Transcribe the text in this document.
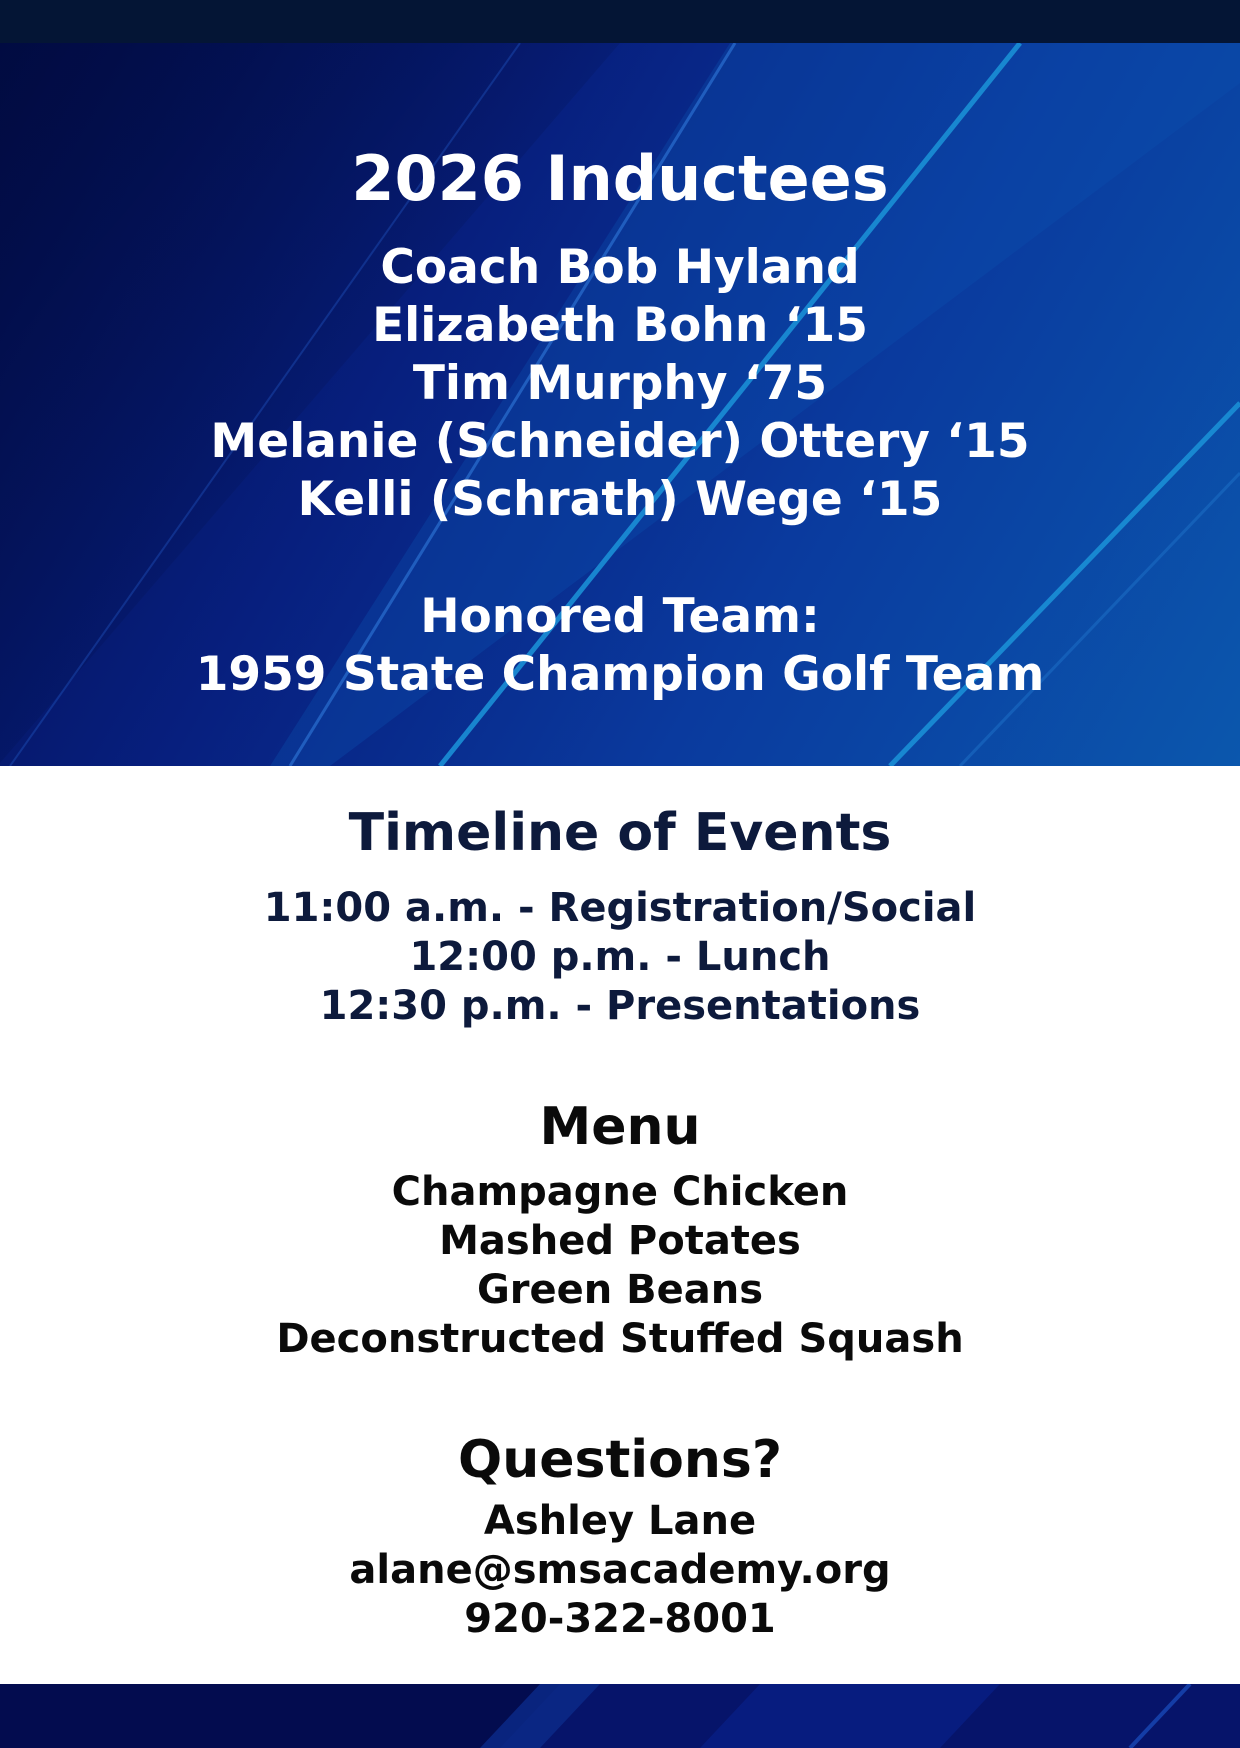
2026 Inductees
Coach Bob Hyland
Elizabeth Bohn ‘15
Tim Murphy ‘75
Melanie (Schneider) Ottery ‘15
Kelli (Schrath) Wege ‘15
Honored Team:
1959 State Champion Golf Team
Timeline of Events
11:00 a.m. - Registration/Social
12:00 p.m. - Lunch
12:30 p.m. - Presentations
Menu
Champagne Chicken
Mashed Potates
Green Beans
Deconstructed Stuffed Squash
Questions?
Ashley Lane
alane@smsacademy.org
920-322-8001
